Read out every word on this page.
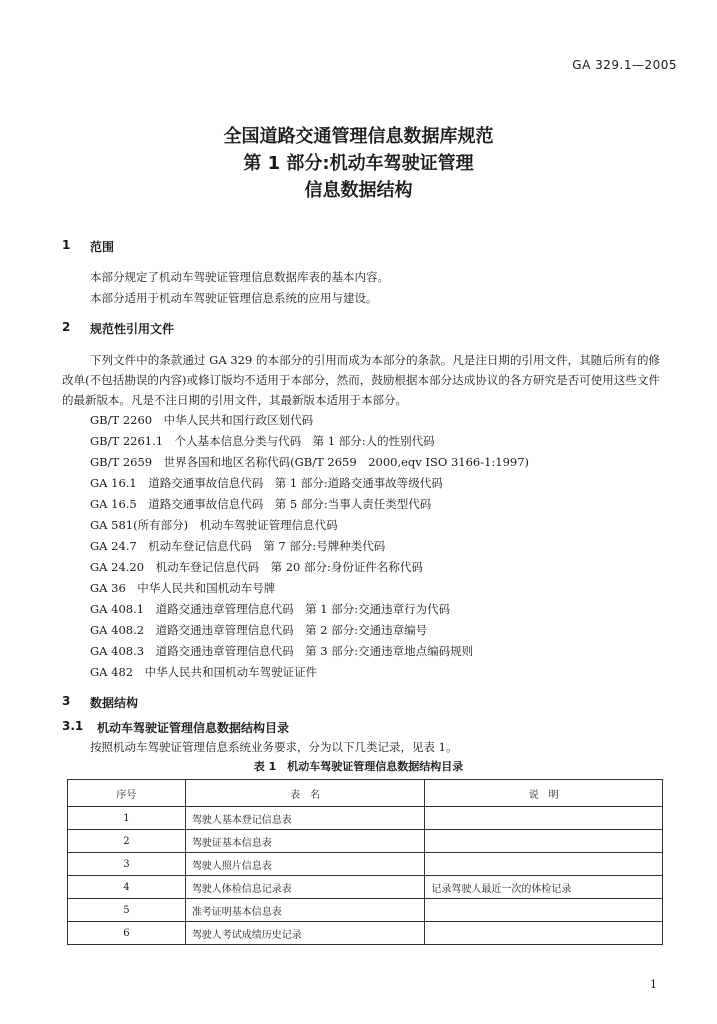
GA 329.1—2005
全国道路交通管理信息数据库规范
第 1 部分:机动车驾驶证管理
信息数据结构
1 范围
本部分规定了机动车驾驶证管理信息数据库表的基本内容。
本部分适用于机动车驾驶证管理信息系统的应用与建设。
2 规范性引用文件
下列文件中的条款通过 GA 329 的本部分的引用而成为本部分的条款。凡是注日期的引用文件，其随后所有的修改单(不包括勘误的内容)或修订版均不适用于本部分，然而，鼓励根据本部分达成协议的各方研究是否可使用这些文件的最新版本。凡是不注日期的引用文件，其最新版本适用于本部分。
GB/T 2260　中华人民共和国行政区划代码
GB/T 2261.1　个人基本信息分类与代码　第 1 部分:人的性别代码
GB/T 2659　世界各国和地区名称代码(GB/T 2659　2000,eqv ISO 3166-1:1997)
GA 16.1　道路交通事故信息代码　第 1 部分:道路交通事故等级代码
GA 16.5　道路交通事故信息代码　第 5 部分:当事人责任类型代码
GA 581(所有部分)　机动车驾驶证管理信息代码
GA 24.7　机动车登记信息代码　第 7 部分:号牌种类代码
GA 24.20　机动车登记信息代码　第 20 部分:身份证件名称代码
GA 36　中华人民共和国机动车号牌
GA 408.1　道路交通违章管理信息代码　第 1 部分:交通违章行为代码
GA 408.2　道路交通违章管理信息代码　第 2 部分:交通违章编号
GA 408.3　道路交通违章管理信息代码　第 3 部分:交通违章地点编码规则
GA 482　中华人民共和国机动车驾驶证证件
3 数据结构
3.1 机动车驾驶证管理信息数据结构目录
按照机动车驾驶证管理信息系统业务要求，分为以下几类记录，见表 1。
表 1　机动车驾驶证管理信息数据结构目录
序号	表　名	说　明
1	驾驶人基本登记信息表	
2	驾驶证基本信息表	
3	驾驶人照片信息表	
4	驾驶人体检信息记录表	记录驾驶人最近一次的体检记录
5	准考证明基本信息表	
6	驾驶人考试成绩历史记录	
1
